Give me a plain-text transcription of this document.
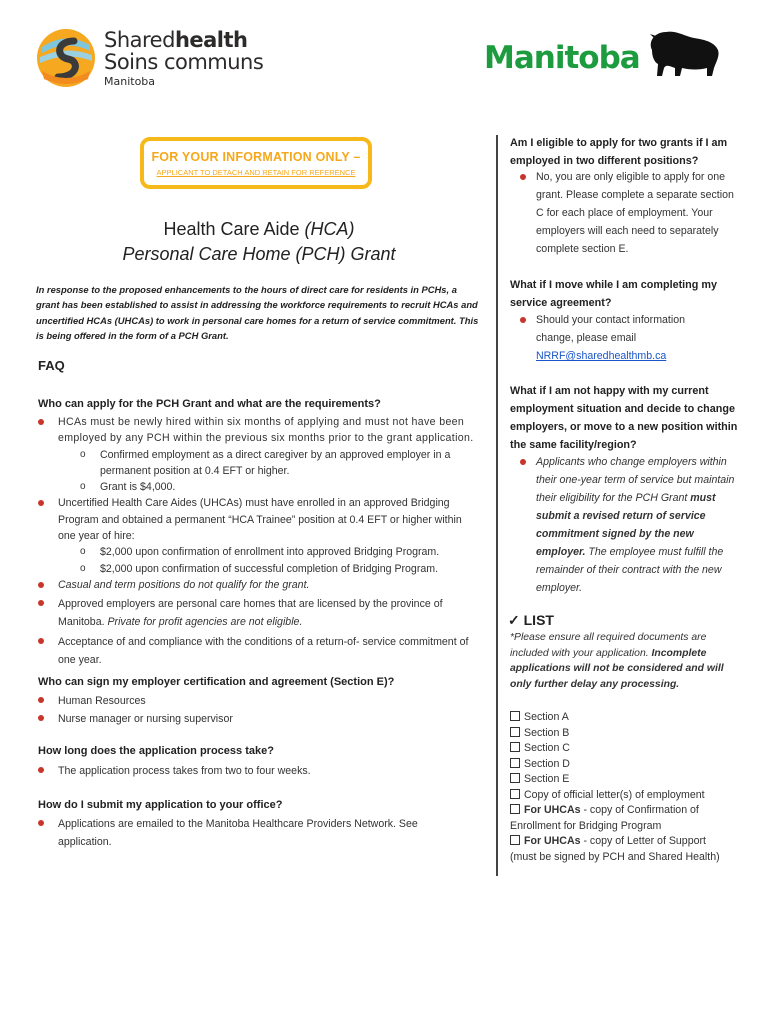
Sharedhealth
Soins communs
Manitoba
Manitoba
FOR YOUR INFORMATION ONLY –
APPLICANT TO DETACH AND RETAIN FOR REFERENCE
Health Care Aide (HCA)
Personal Care Home (PCH) Grant

In response to the proposed enhancements to the hours of direct care for residents in PCHs, a grant has been established to assist in addressing the workforce requirements to recruit HCAs and uncertified HCAs (UHCAs) to work in personal care homes for a return of service commitment. This is being offered in the form of a PCH Grant.

FAQ
Who can apply for the PCH Grant and what are the requirements?
HCAs must be newly hired within six months of applying and must not have been employed by any PCH within the previous six months prior to the grant application.
o Confirmed employment as a direct caregiver by an approved employer in a permanent position at 0.4 EFT or higher.
o Grant is $4,000.
Uncertified Health Care Aides (UHCAs) must have enrolled in an approved Bridging Program and obtained a permanent “HCA Trainee” position at 0.4 EFT or higher within one year of hire:
o $2,000 upon confirmation of enrollment into approved Bridging Program.
o $2,000 upon confirmation of successful completion of Bridging Program.
Casual and term positions do not qualify for the grant.
Approved employers are personal care homes that are licensed by the province of Manitoba. Private for profit agencies are not eligible.
Acceptance of and compliance with the conditions of a return-of- service commitment of one year.
Who can sign my employer certification and agreement (Section E)?
Human Resources
Nurse manager or nursing supervisor
How long does the application process take?
The application process takes from two to four weeks.
How do I submit my application to your office?
Applications are emailed to the Manitoba Healthcare Providers Network. See application.
Am I eligible to apply for two grants if I am employed in two different positions?
No, you are only eligible to apply for one grant. Please complete a separate section C for each place of employment. Your employers will each need to separately complete section E.
What if I move while I am completing my service agreement?
Should your contact information change, please email
NRRF@sharedhealthmb.ca
What if I am not happy with my current employment situation and decide to change employers, or move to a new position within the same facility/region?
Applicants who change employers within their one-year term of service but maintain their eligibility for the PCH Grant must submit a revised return of service commitment signed by the new employer. The employee must fulfill the remainder of their contract with the new employer.
✓ LIST
*Please ensure all required documents are included with your application. Incomplete applications will not be considered and will only further delay any processing.
Section A
Section B
Section C
Section D
Section E
Copy of official letter(s) of employment
For UHCAs - copy of Confirmation of Enrollment for Bridging Program
For UHCAs - copy of Letter of Support (must be signed by PCH and Shared Health)
